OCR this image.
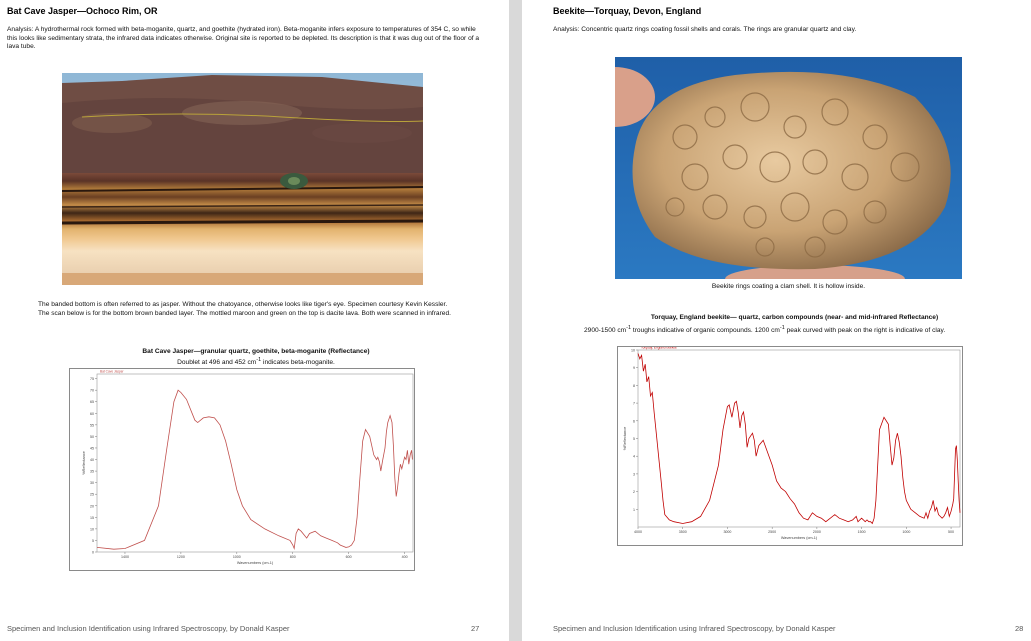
Bat Cave Jasper—Ochoco Rim, OR

Analysis: A hydrothermal rock formed with beta-moganite, quartz, and goethite (hydrated iron). Beta-moganite infers exposure to temperatures of 354 C, so while this looks like sedimentary strata, the infrared data indicates otherwise. Original site is reported to be depleted. Its description is that it was dug out of the floor of a lava tube.

The banded bottom is often referred to as jasper. Without the chatoyance, otherwise looks like tiger's eye. Specimen courtesy Kevin Kessler. The scan below is for the bottom brown banded layer. The mottled maroon and green on the top is dacite lava. Both were scanned in infrared.

Bat Cave Jasper—granular quartz, goethite, beta-moganite (Reflectance)
Doublet at 496 and 452 $cm^{-1}$ indicates beta-moganite.
0
5
10
15
20
25
30
35
40
45
50
55
60
65
70
75
1400	1200	1000	800	600	400
Wavenumbers (cm-1)
%Reflectance
Bat Cave Jasper
Specimen and Inclusion Identification using Infrared Spectroscopy, by Donald Kasper	27
Beekite—Torquay, Devon, England

Analysis: Concentric quartz rings coating fossil shells and corals. The rings are granular quartz and clay.

Beekite rings coating a clam shell. It is hollow inside.
Torquay, England beekite— quartz, carbon compounds (near- and mid-infrared Reflectance)

2900-1500 $cm^{-1}$ troughs indicative of organic compounds. 1200 $cm^{-1}$ peak curved with peak on the right is indicative of clay.

1
2
3
4
5
6
7
8
9
10
4000	3500	3000	2500	2000	1500	1000	500
Wavenumbers (cm-1)
%Reflectance
Torquay, England beekite
Specimen and Inclusion Identification using Infrared Spectroscopy, by Donald Kasper	28
